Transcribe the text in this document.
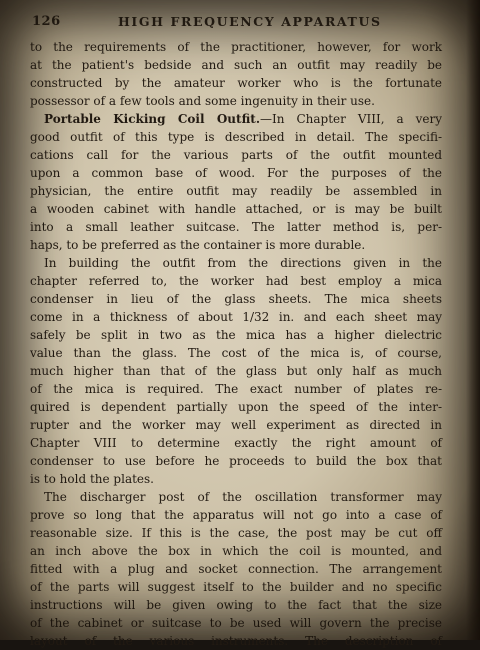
126	HIGH FREQUENCY APPARATUS
to the requirements of the practitioner, however, for work
at the patient's bedside and such an outfit may readily be
constructed by the amateur worker who is the fortunate
possessor of a few tools and some ingenuity in their use.
Portable Kicking Coil Outfit.—In Chapter VIII, a very
good outfit of this type is described in detail. The specifi-
cations call for the various parts of the outfit mounted
upon a common base of wood. For the purposes of the
physician, the entire outfit may readily be assembled in
a wooden cabinet with handle attached, or is may be built
into a small leather suitcase. The latter method is, per-
haps, to be preferred as the container is more durable.
In building the outfit from the directions given in the
chapter referred to, the worker had best employ a mica
condenser in lieu of the glass sheets. The mica sheets
come in a thickness of about 1/32 in. and each sheet may
safely be split in two as the mica has a higher dielectric
value than the glass. The cost of the mica is, of course,
much higher than that of the glass but only half as much
of the mica is required. The exact number of plates re-
quired is dependent partially upon the speed of the inter-
rupter and the worker may well experiment as directed in
Chapter VIII to determine exactly the right amount of
condenser to use before he proceeds to build the box that
is to hold the plates.
The discharger post of the oscillation transformer may
prove so long that the apparatus will not go into a case of
reasonable size. If this is the case, the post may be cut off
an inch above the box in which the coil is mounted, and
fitted with a plug and socket connection. The arrangement
of the parts will suggest itself to the builder and no specific
instructions will be given owing to the fact that the size
of the cabinet or suitcase to be used will govern the precise
layout of the various instruments. The description of
